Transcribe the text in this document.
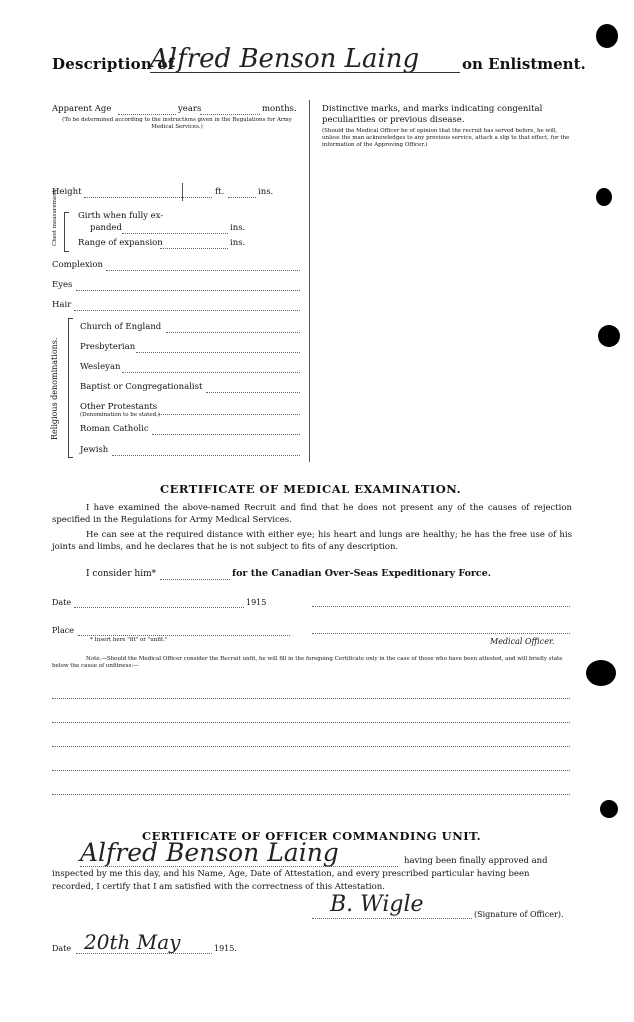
Description of
Alfred Benson Laing	on Enlistment.
Apparent Age	years	months.
(To be determined according to the instructions given in the Regulations for Army Medical Services.)
Height	ft.	ins.
Chest measurement. Girth when fully ex-
panded	ins.
Range of expansion	ins.
Complexion
Eyes
Hair
Religious denominations.
Church of England
Presbyterian
Wesleyan
Baptist or Congregationalist
Other Protestants
(Denomination to be stated.)
Roman Catholic
Jewish
Distinctive marks, and marks indicating congenital peculiarities or previous disease.
(Should the Medical Officer be of opinion that the recruit has served before, he will, unless the man acknowledges to any previous service, attach a slip to that effect, for the information of the Approving Officer.)
CERTIFICATE OF MEDICAL EXAMINATION.
I have examined the above-named Recruit and find that he does not present any of the causes of rejection specified in the Regulations for Army Medical Services.
He can see at the required distance with either eye; his heart and lungs are healthy; he has the free use of his joints and limbs, and he declares that he is not subject to fits of any description.
I consider him*	for the Canadian Over-Seas Expeditionary Force.
Date	1915
Place
* Insert here "fit" or "unfit."	Medical Officer.
Note.—Should the Medical Officer consider the Recruit unfit, he will fill in the foregoing Certificate only in the case of those who have been attested, and will briefly state below the cause of unfitness:—
CERTIFICATE OF OFFICER COMMANDING UNIT.
Alfred Benson Laing	having been finally approved and
inspected by me this day, and his Name, Age, Date of Attestation, and every prescribed particular having been
recorded, I certify that I am satisfied with the correctness of this Attestation.
B. Wigle	(Signature of Officer).
Date 20th May	1915.
